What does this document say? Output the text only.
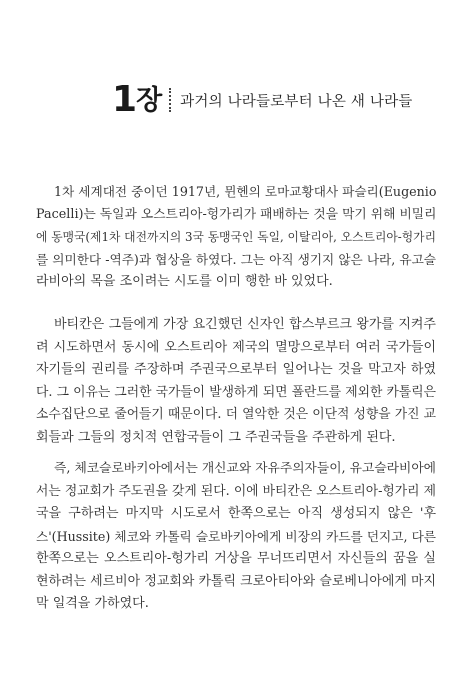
1 장 과거의 나라들로부터 나온 새 나라들
1차 세계대전 중이던 1917년, 뮌헨의 로마교황대사 파슬리(Eugenio
Pacelli)는 독일과 오스트리아-헝가리가 패배하는 것을 막기 위해 비밀리
에 동맹국(제1차 대전까지의 3국 동맹국인 독일, 이탈리아, 오스트리아-헝가리
를 의미한다 -역주)과 협상을 하였다. 그는 아직 생기지 않은 나라, 유고슬
라비아의 목을 조이려는 시도를 이미 행한 바 있었다.
바티칸은 그들에게 가장 요긴했던 신자인 합스부르크 왕가를 지켜주
려 시도하면서 동시에 오스트리아 제국의 멸망으로부터 여러 국가들이
자기들의 권리를 주장하며 주권국으로부터 일어나는 것을 막고자 하였
다. 그 이유는 그러한 국가들이 발생하게 되면 폴란드를 제외한 카톨릭은
소수집단으로 줄어들기 때문이다. 더 열악한 것은 이단적 성향을 가진 교
회들과 그들의 정치적 연합국들이 그 주권국들을 주관하게 된다.
즉, 체코슬로바키아에서는 개신교와 자유주의자들이, 유고슬라비아에
서는 정교회가 주도권을 갖게 된다. 이에 바티칸은 오스트리아-헝가리 제
국을 구하려는 마지막 시도로서 한쪽으로는 아직 생성되지 않은 '후
스'(Hussite) 체코와 카톨릭 슬로바키아에게 비장의 카드를 던지고, 다른
한쪽으로는 오스트리아-헝가리 거상을 무너뜨리면서 자신들의 꿈을 실
현하려는 세르비아 정교회와 카톨릭 크로아티아와 슬로베니아에게 마지
막 일격을 가하였다.
